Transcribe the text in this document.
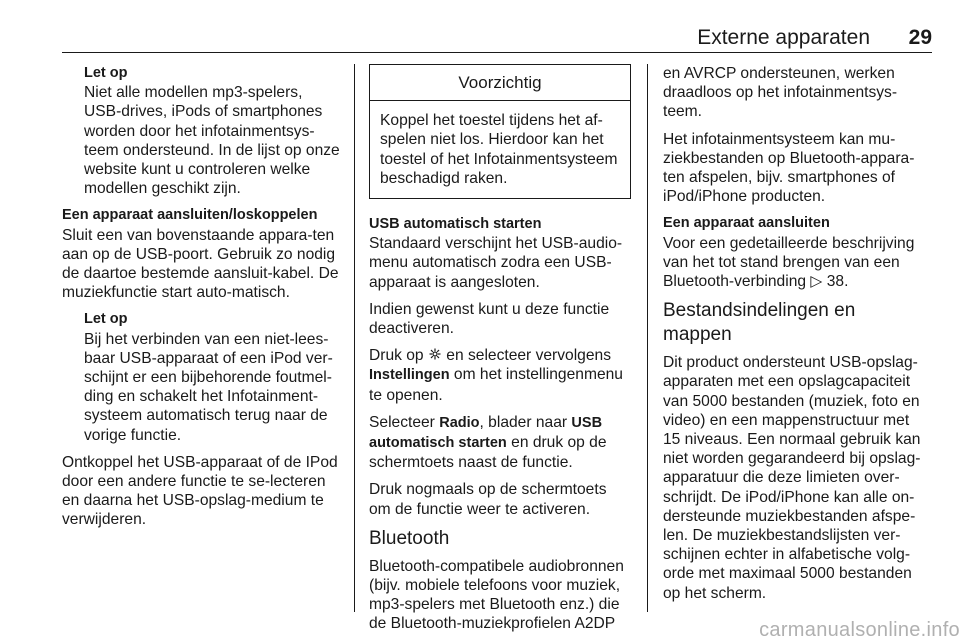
Externe apparaten 29
Let op
Niet alle modellen mp3-spelers, USB-drives, iPods of smartphones worden door het infotainmentsys-teem ondersteund. In de lijst op onze website kunt u controleren welke modellen geschikt zijn.

Een apparaat aansluiten/loskoppelen
Sluit een van bovenstaande appara-ten aan op de USB-poort. Gebruik zo nodig de daartoe bestemde aansluit-kabel. De muziekfunctie start auto-matisch.

Let op
Bij het verbinden van een niet-lees-baar USB-apparaat of een iPod ver-schijnt er een bijbehorende foutmel-ding en schakelt het Infotainment-systeem automatisch terug naar de vorige functie.

Ontkoppel het USB-apparaat of de IPod door een andere functie te se-lecteren en daarna het USB-opslag-medium te verwijderen.

Voorzichtig
Koppel het toestel tijdens het af-spelen niet los. Hierdoor kan het toestel of het Infotainmentsysteem beschadigd raken.

USB automatisch starten
Standaard verschijnt het USB-audio-menu automatisch zodra een USB-apparaat is aangesloten.

Indien gewenst kunt u deze functie deactiveren.

Druk op en selecteer vervolgens Instellingen om het instellingenmenu te openen.

Selecteer Radio, blader naar USB automatisch starten en druk op de schermtoets naast de functie.

Druk nogmaals op de schermtoets om de functie weer te activeren.

Bluetooth

Bluetooth-compatibele audiobronnen (bijv. mobiele telefoons voor muziek, mp3-spelers met Bluetooth enz.) die de Bluetooth-muziekprofielen A2DP

en AVRCP ondersteunen, werken draadloos op het infotainmentsys-teem.

Het infotainmentsysteem kan mu-ziekbestanden op Bluetooth-appara-ten afspelen, bijv. smartphones of iPod/iPhone producten.

Een apparaat aansluiten
Voor een gedetailleerde beschrijving van het tot stand brengen van een Bluetooth-verbinding ▷ 38.

Bestandsindelingen en mappen

Dit product ondersteunt USB-opslag-apparaten met een opslagcapaciteit van 5000 bestanden (muziek, foto en video) en een mappenstructuur met 15 niveaus. Een normaal gebruik kan niet worden gegarandeerd bij opslag-apparatuur die deze limieten over-schrijdt. De iPod/iPhone kan alle on-dersteunde muziekbestanden afspe-len. De muziekbestandslijsten ver-schijnen echter in alfabetische volg-orde met maximaal 5000 bestanden op het scherm.

carmanualsonline.info
